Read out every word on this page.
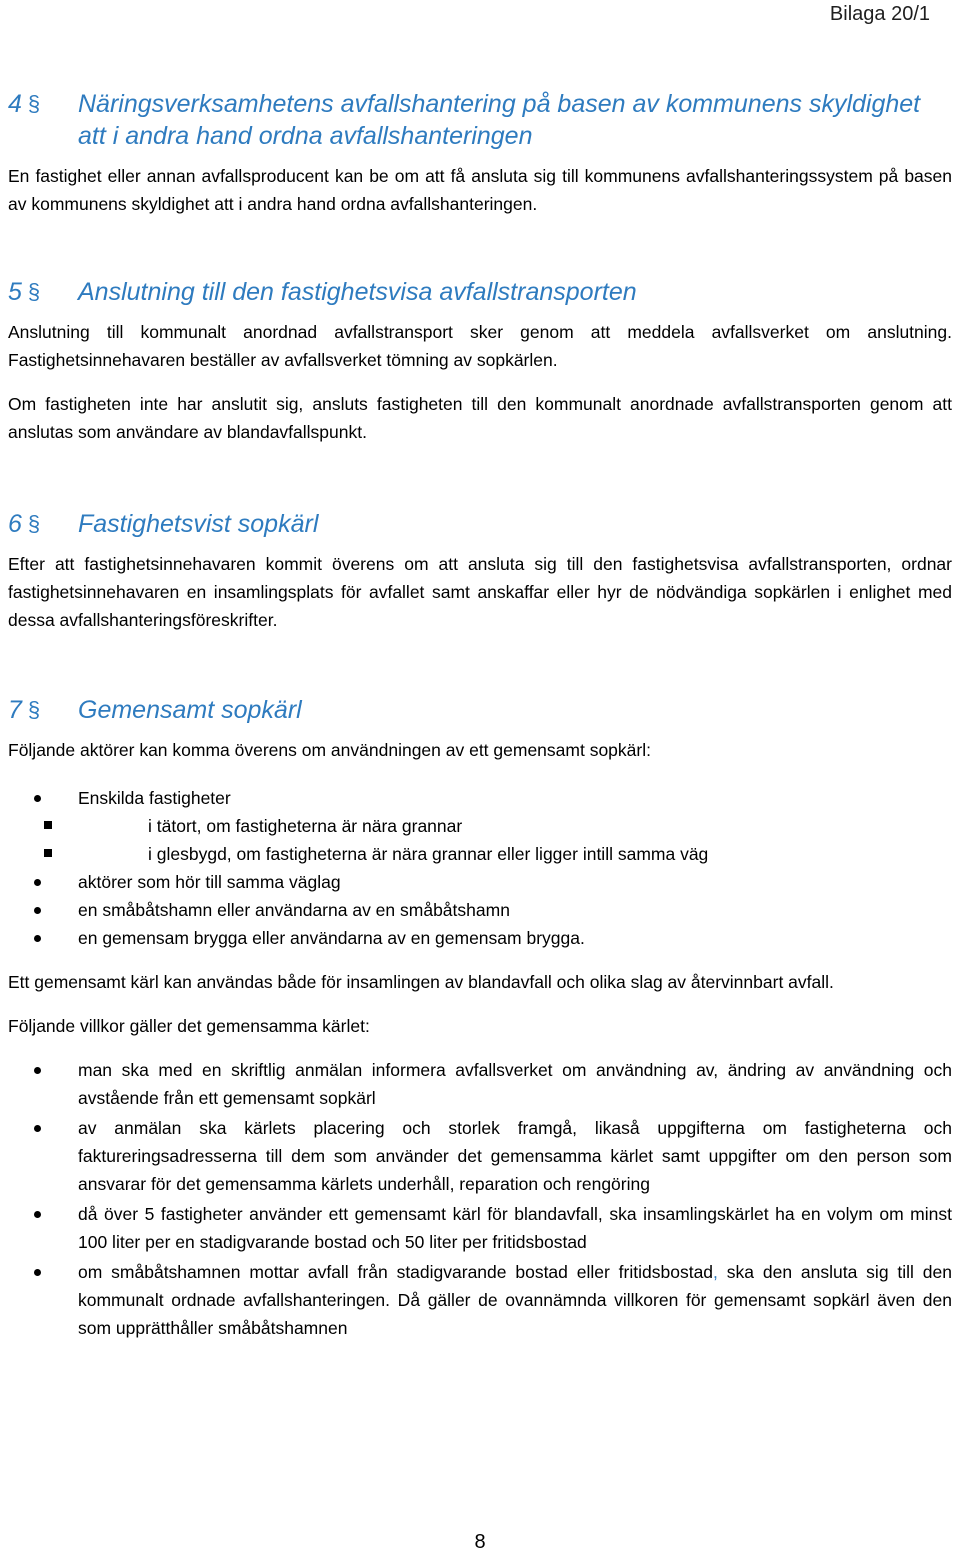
Bilaga 20/1
4 § Näringsverksamhetens avfallshantering på basen av kommunens skyldighet att i andra hand ordna avfallshanteringen

En fastighet eller annan avfallsproducent kan be om att få ansluta sig till kommunens avfallshanteringssystem på basen av kommunens skyldighet att i andra hand ordna avfallshanteringen.

5 § Anslutning till den fastighetsvisa avfallstransporten

Anslutning till kommunalt anordnad avfallstransport sker genom att meddela avfallsverket om anslutning. Fastighetsinnehavaren beställer av avfallsverket tömning av sopkärlen.

Om fastigheten inte har anslutit sig, ansluts fastigheten till den kommunalt anordnade avfallstransporten genom att anslutas som användare av blandavfallspunkt.

6 § Fastighetsvist sopkärl

Efter att fastighetsinnehavaren kommit överens om att ansluta sig till den fastighetsvisa avfallstransporten, ordnar fastighetsinnehavaren en insamlingsplats för avfallet samt anskaffar eller hyr de nödvändiga sopkärlen i enlighet med dessa avfallshanteringsföreskrifter.

7 § Gemensamt sopkärl

Följande aktörer kan komma överens om användningen av ett gemensamt sopkärl:

Enskilda fastigheter
i tätort, om fastigheterna är nära grannar
i glesbygd, om fastigheterna är nära grannar eller ligger intill samma väg
aktörer som hör till samma väglag
en småbåtshamn eller användarna av en småbåtshamn
en gemensam brygga eller användarna av en gemensam brygga.

Ett gemensamt kärl kan användas både för insamlingen av blandavfall och olika slag av återvinnbart avfall.

Följande villkor gäller det gemensamma kärlet:

man ska med en skriftlig anmälan informera avfallsverket om användning av, ändring av användning och avstående från ett gemensamt sopkärl
av anmälan ska kärlets placering och storlek framgå, likaså uppgifterna om fastigheterna och faktureringsadresserna till dem som använder det gemensamma kärlet samt uppgifter om den person som ansvarar för det gemensamma kärlets underhåll, reparation och rengöring
då över 5 fastigheter använder ett gemensamt kärl för blandavfall, ska insamlingskärlet ha en volym om minst 100 liter per en stadigvarande bostad och 50 liter per fritidsbostad
om småbåtshamnen mottar avfall från stadigvarande bostad eller fritidsbostad, ska den ansluta sig till den kommunalt ordnade avfallshanteringen. Då gäller de ovannämnda villkoren för gemensamt sopkärl även den som upprätthåller småbåtshamnen
8
